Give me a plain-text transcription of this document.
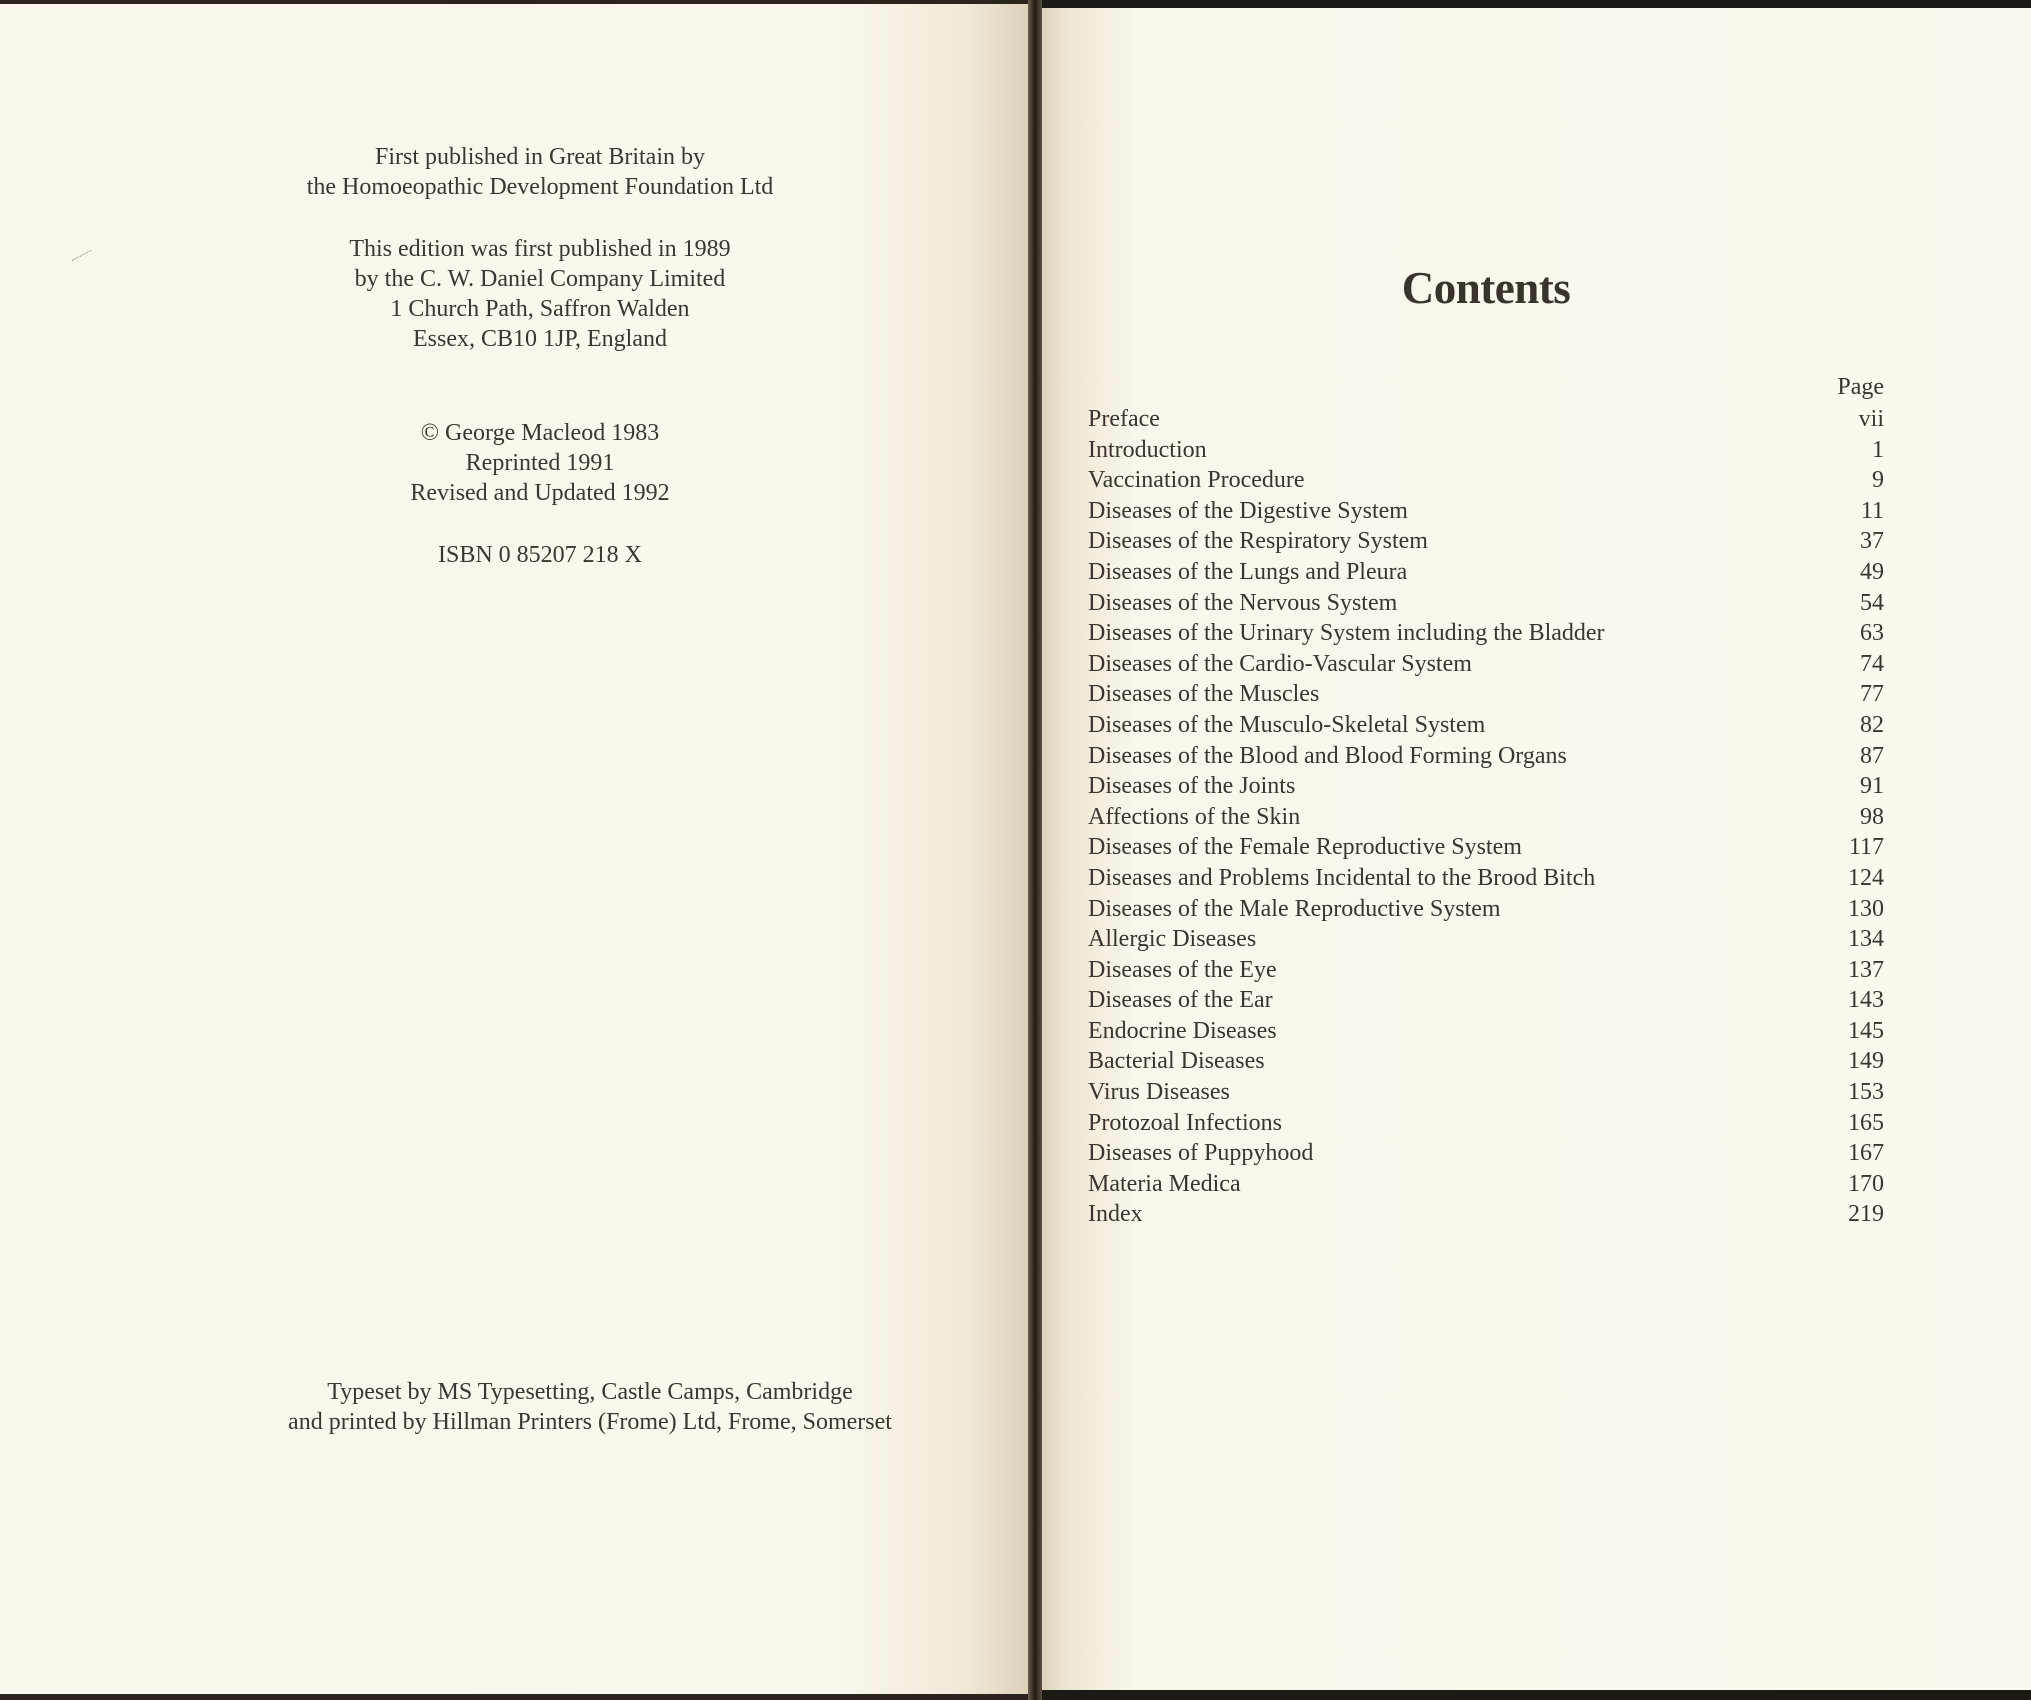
First published in Great Britain by
the Homoeopathic Development Foundation Ltd
This edition was first published in 1989
by the C. W. Daniel Company Limited
1 Church Path, Saffron Walden
Essex, CB10 1JP, England
© George Macleod 1983
Reprinted 1991
Revised and Updated 1992
ISBN 0 85207 218 X
Typeset by MS Typesetting, Castle Camps, Cambridge
and printed by Hillman Printers (Frome) Ltd, Frome, Somerset
Contents
Page
Preface	vii
Introduction	1
Vaccination Procedure	9
Diseases of the Digestive System	11
Diseases of the Respiratory System	37
Diseases of the Lungs and Pleura	49
Diseases of the Nervous System	54
Diseases of the Urinary System including the Bladder	63
Diseases of the Cardio-Vascular System	74
Diseases of the Muscles	77
Diseases of the Musculo-Skeletal System	82
Diseases of the Blood and Blood Forming Organs	87
Diseases of the Joints	91
Affections of the Skin	98
Diseases of the Female Reproductive System	117
Diseases and Problems Incidental to the Brood Bitch	124
Diseases of the Male Reproductive System	130
Allergic Diseases	134
Diseases of the Eye	137
Diseases of the Ear	143
Endocrine Diseases	145
Bacterial Diseases	149
Virus Diseases	153
Protozoal Infections	165
Diseases of Puppyhood	167
Materia Medica	170
Index	219
